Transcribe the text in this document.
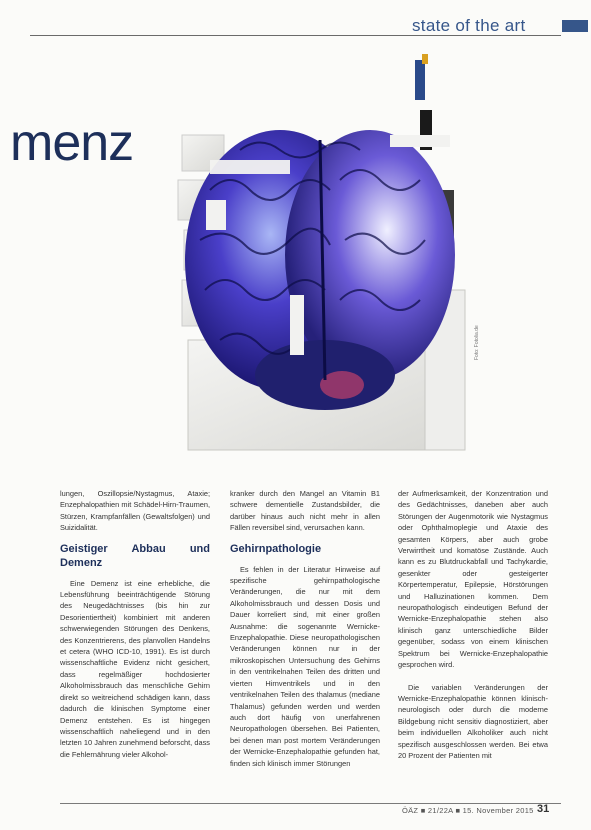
state of the art
menz
Foto: Fotolia.de

lungen, Oszillopsie/Nystagmus, Ataxie; Enzephalopathien mit Schädel-Hirn-Traumen, Stürzen, Krampfanfällen (Gewaltsfolgen) und Suizidalität.

Geistiger Abbau und Demenz

Eine Demenz ist eine erhebliche, die Lebensführung beeinträchtigende Störung des Neugedächtnisses (bis hin zur Desorientiertheit) kombiniert mit anderen schwerwiegenden Störungen des Denkens, des Konzentrierens, des planvollen Handelns et cetera (WHO ICD-10, 1991). Es ist durch wissenschaftliche Evidenz nicht gesichert, dass regelmäßiger hochdosierter Alkoholmissbrauch das menschliche Gehirn direkt so weitreichend schädigen kann, dass dadurch die klinischen Symptome einer Demenz entstehen. Es ist hingegen wissenschaftlich naheliegend und in den letzten 10 Jahren zunehmend beforscht, dass die Fehlernährung vieler Alkohol-

kranker durch den Mangel an Vitamin B1 schwere dementielle Zustandsbilder, die darüber hinaus auch nicht mehr in allen Fällen reversibel sind, verursachen kann.

Gehirnpathologie

Es fehlen in der Literatur Hinweise auf spezifische gehirnpathologische Veränderungen, die nur mit dem Alkoholmissbrauch und dessen Dosis und Dauer korreliert sind, mit einer großen Ausnahme: die sogenannte Wernicke-Enzephalopathie. Diese neuropathologischen Veränderungen können nur in der mikroskopischen Untersuchung des Gehirns in den ventrikelnahen Teilen des dritten und vierten Hirnventrikels und in den ventrikelnahen Teilen des thalamus (mediane Thalamus) gefunden werden und werden auch dort häufig von unerfahrenen Neuropathologen übersehen. Bei Patienten, bei denen man post mortem Veränderungen der Wernicke-Enzephalopathie gefunden hat, finden sich klinisch immer Störungen

der Aufmerksamkeit, der Konzentration und des Gedächtnisses, daneben aber auch Störungen der Augenmotorik wie Nystagmus oder Ophthalmoplegie und Ataxie des gesamten Körpers, aber auch grobe Verwirrtheit und komatöse Zustände. Auch kann es zu Blutdruckabfall und Tachykardie, gesenkter oder gesteigerter Körpertemperatur, Epilepsie, Hörstörungen und Halluzinationen kommen. Dem neuropathologisch eindeutigen Befund der Wernicke-Enzephalopathie stehen also klinisch ganz unterschiedliche Bilder gegenüber, sodass von einem klinischen Spektrum bei Wernicke-Enzephalopathie gesprochen wird.

Die variablen Veränderungen der Wernicke-Enzephalopathie können klinisch-neurologisch oder durch die moderne Bildgebung nicht sensitiv diagnostiziert, aber beim individuellen Alkoholiker auch nicht spezifisch ausgeschlossen werden. Bei etwa 20 Prozent der Patienten mit

ÖÄZ ■ 21/22A ■ 15. November 2015 31
